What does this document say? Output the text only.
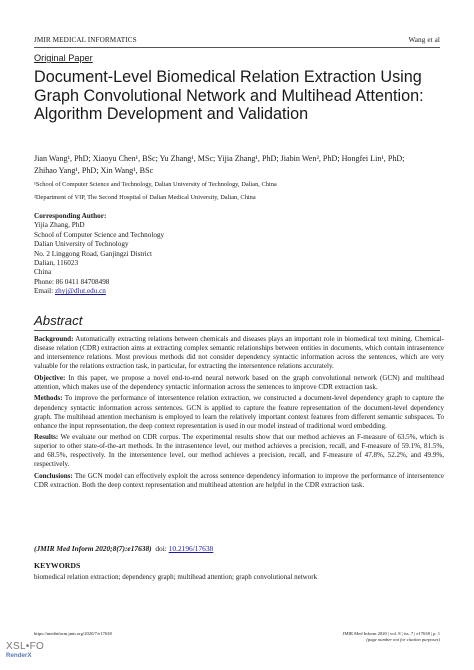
JMIR MEDICAL INFORMATICS	Wang et al
Original Paper
Document-Level Biomedical Relation Extraction Using Graph Convolutional Network and Multihead Attention: Algorithm Development and Validation
Jian Wang¹, PhD; Xiaoyu Chen¹, BSc; Yu Zhang¹, MSc; Yijia Zhang¹, PhD; Jiabin Wen², PhD; Hongfei Lin¹, PhD;
Zhihao Yang¹, PhD; Xin Wang¹, BSc
¹School of Computer Science and Technology, Dalian University of Technology, Dalian, China
²Department of VIP, The Second Hospital of Dalian Medical University, Dalian, China
Corresponding Author:
Yijia Zhang, PhD
School of Computer Science and Technology
Dalian University of Technology
No. 2 Linggong Road, Ganjingzi District
Dalian, 116023
China
Phone: 86 0411 84708498
Email: zhyj@dlut.edu.cn
Abstract

Background: Automatically extracting relations between chemicals and diseases plays an important role in biomedical text mining. Chemical-disease relation (CDR) extraction aims at extracting complex semantic relationships between entities in documents, which contain intrasentence and intersentence relations. Most previous methods did not consider dependency syntactic information across the sentences, which are very valuable for the relations extraction task, in particular, for extracting the intersentence relations accurately.

Objective: In this paper, we propose a novel end-to-end neural network based on the graph convolutional network (GCN) and multihead attention, which makes use of the dependency syntactic information across the sentences to improve CDR extraction task.

Methods: To improve the performance of intersentence relation extraction, we constructed a document-level dependency graph to capture the dependency syntactic information across sentences. GCN is applied to capture the feature representation of the document-level dependency graph. The multihead attention mechanism is employed to learn the relatively important context features from different semantic subspaces. To enhance the input representation, the deep context representation is used in our model instead of traditional word embedding.

Results: We evaluate our method on CDR corpus. The experimental results show that our method achieves an F-measure of 63.5%, which is superior to other state-of-the-art methods. In the intrasentence level, our method achieves a precision, recall, and F-measure of 59.1%, 81.5%, and 68.5%, respectively. In the intersentence level, our method achieves a precision, recall, and F-measure of 47.8%, 52.2%, and 49.9%, respectively.

Conclusions: The GCN model can effectively exploit the across sentence dependency information to improve the performance of intersentence CDR extraction. Both the deep context representation and multihead attention are helpful in the CDR extraction task.

(JMIR Med Inform 2020;8(7):e17638) doi: 10.2196/17638
KEYWORDS
biomedical relation extraction; dependency graph; multihead attention; graph convolutional network
https://medinform.jmir.org/2020/7/e17638	JMIR Med Inform 2020 | vol. 8 | iss. 7 | e17638 | p. 1
(page number not for citation purposes)
XSL•FO
RenderX
